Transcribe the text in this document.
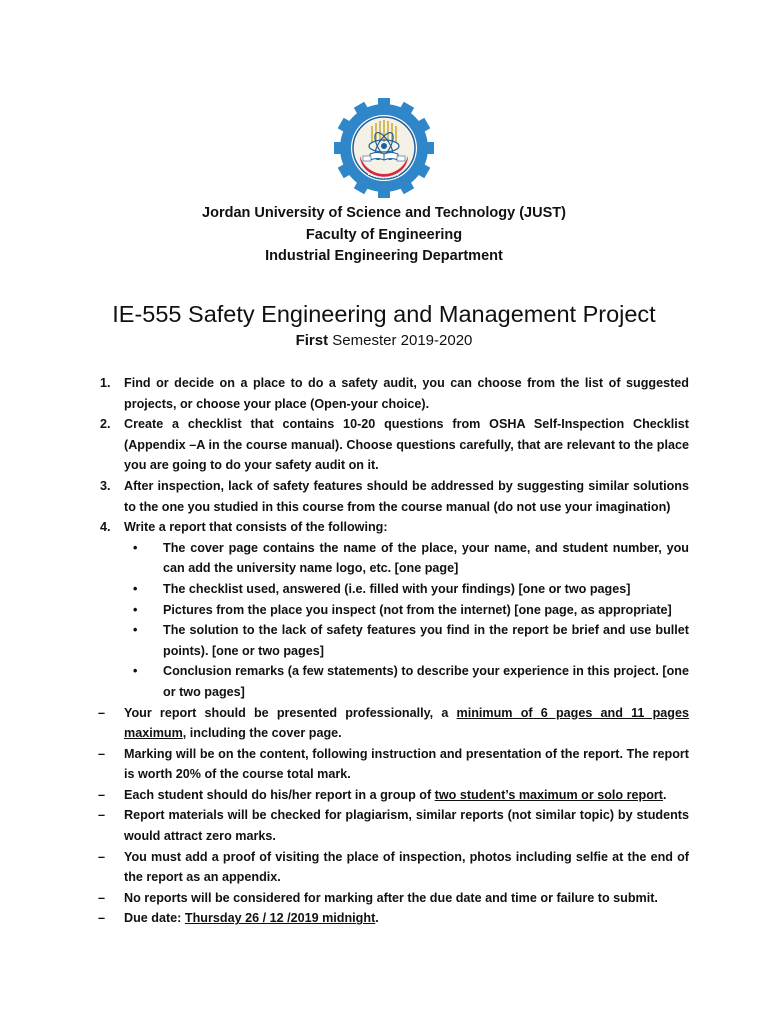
Jordan University of Science and Technology (JUST)
Faculty of Engineering
Industrial Engineering Department
IE-555 Safety Engineering and Management Project
First Semester 2019-2020
1. Find or decide on a place to do a safety audit, you can choose from the list of suggested projects, or choose your place (Open-your choice).
2. Create a checklist that contains 10-20 questions from OSHA Self-Inspection Checklist (Appendix –A in the course manual). Choose questions carefully, that are relevant to the place you are going to do your safety audit on it.
3. After inspection, lack of safety features should be addressed by suggesting similar solutions to the one you studied in this course from the course manual (do not use your imagination)
4. Write a report that consists of the following:
• The cover page contains the name of the place, your name, and student number, you can add the university name logo, etc. [one page]
• The checklist used, answered (i.e. filled with your findings) [one or two pages]
• Pictures from the place you inspect (not from the internet) [one page, as appropriate]
• The solution to the lack of safety features you find in the report be brief and use bullet points). [one or two pages]
• Conclusion remarks (a few statements) to describe your experience in this project. [one or two pages]
– Your report should be presented professionally, a minimum of 6 pages and 11 pages maximum, including the cover page.
– Marking will be on the content, following instruction and presentation of the report. The report is worth 20% of the course total mark.
– Each student should do his/her report in a group of two student’s maximum or solo report.
– Report materials will be checked for plagiarism, similar reports (not similar topic) by students would attract zero marks.
– You must add a proof of visiting the place of inspection, photos including selfie at the end of the report as an appendix.
– No reports will be considered for marking after the due date and time or failure to submit.
– Due date: Thursday 26 / 12 /2019 midnight.
